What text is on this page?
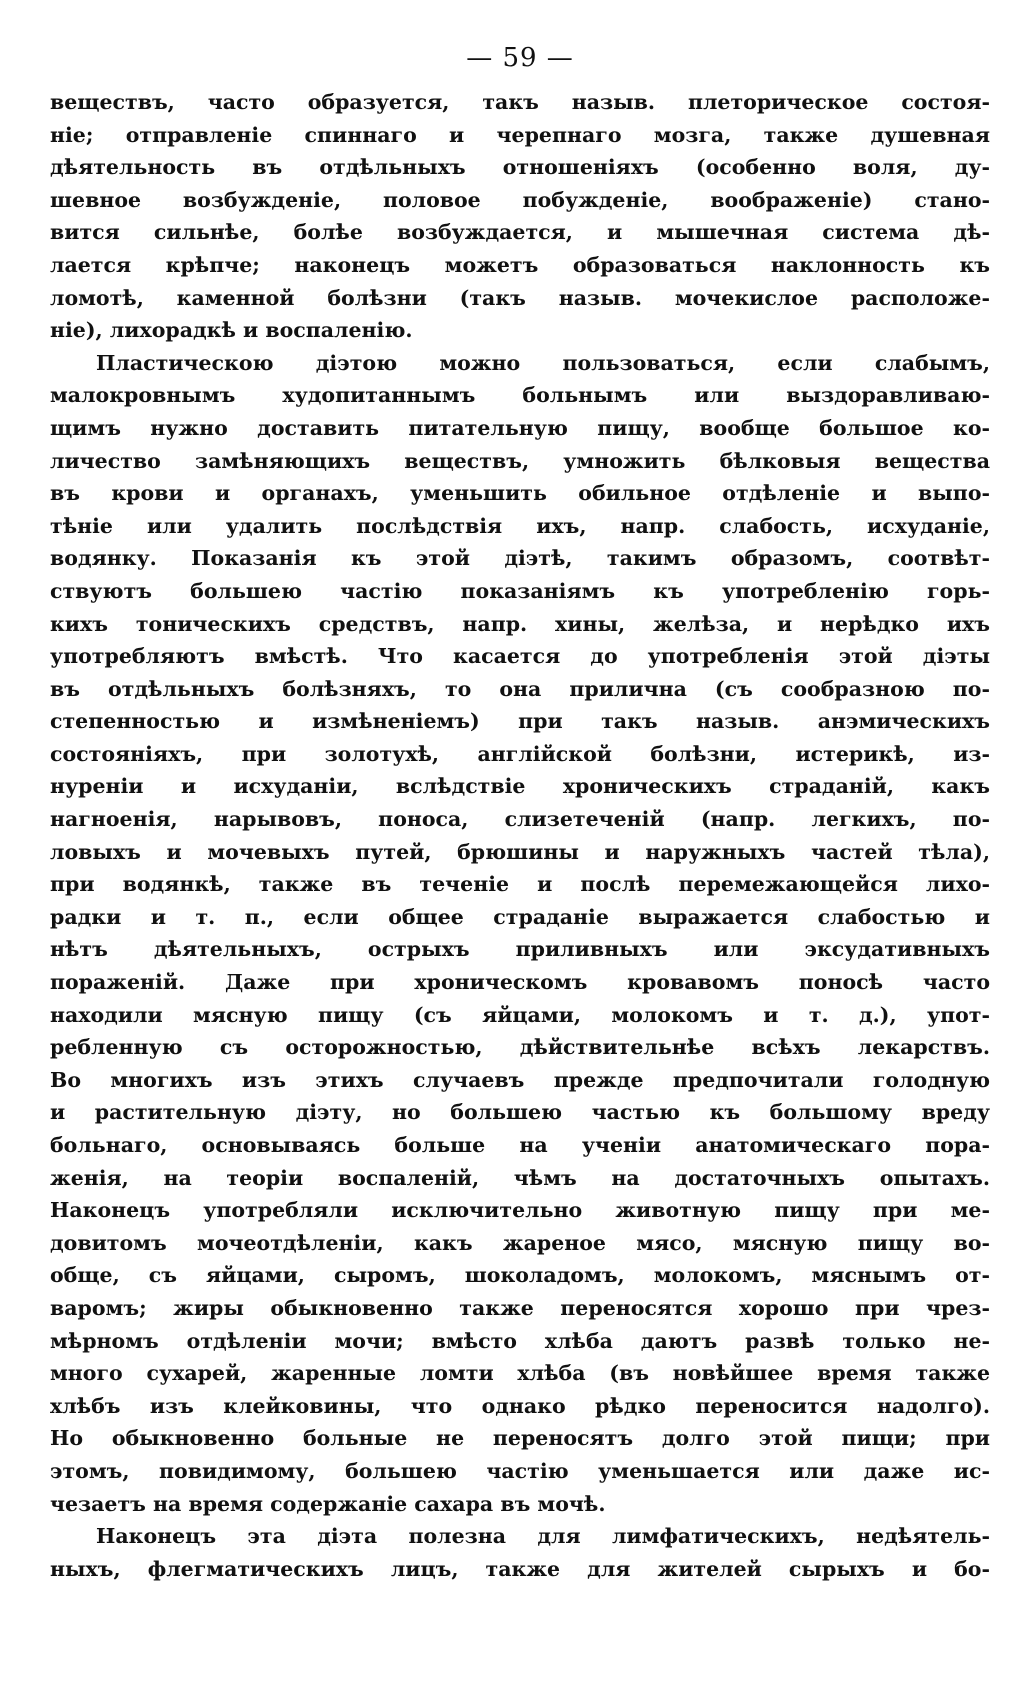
— 59 —
веществъ, часто образуется, такъ назыв. плеторическое состоя-
ніе; отправленіе спиннаго и черепнаго мозга, также душевная
дѣятельность въ отдѣльныхъ отношеніяхъ (особенно воля, ду-
шевное возбужденіе, половое побужденіе, воображеніе) стано-
вится сильнѣе, болѣе возбуждается, и мышечная система дѣ-
лается крѣпче; наконецъ можетъ образоваться наклонность къ
ломотѣ, каменной болѣзни (такъ назыв. мочекислое расположе-
ніе), лихорадкѣ и воспаленію.
Пластическою діэтою можно пользоваться, если слабымъ,
малокровнымъ худопитаннымъ больнымъ или выздоравливаю-
щимъ нужно доставить питательную пищу, вообще большое ко-
личество замѣняющихъ веществъ, умножить бѣлковыя вещества
въ крови и органахъ, уменьшить обильное отдѣленіе и выпо-
тѣніе или удалить послѣдствія ихъ, напр. слабость, исхуданіе,
водянку. Показанія къ этой діэтѣ, такимъ образомъ, соотвѣт-
ствуютъ большею частію показаніямъ къ употребленію горь-
кихъ тоническихъ средствъ, напр. хины, желѣза, и нерѣдко ихъ
употребляютъ вмѣстѣ. Что касается до употребленія этой діэты
въ отдѣльныхъ болѣзняхъ, то она прилична (съ сообразною по-
степенностью и измѣненіемъ) при такъ назыв. анэмическихъ
состояніяхъ, при золотухѣ, англійской болѣзни, истерикѣ, из-
нуреніи и исхуданіи, вслѣдствіе хроническихъ страданій, какъ
нагноенія, нарывовъ, поноса, слизетеченій (напр. легкихъ, по-
ловыхъ и мочевыхъ путей, брюшины и наружныхъ частей тѣла),
при водянкѣ, также въ теченіе и послѣ перемежающейся лихо-
радки и т. п., если общее страданіе выражается слабостью и
нѣтъ дѣятельныхъ, острыхъ приливныхъ или эксудативныхъ
пораженій. Даже при хроническомъ кровавомъ поносѣ часто
находили мясную пищу (съ яйцами, молокомъ и т. д.), упот-
ребленную съ осторожностью, дѣйствительнѣе всѣхъ лекарствъ.
Во многихъ изъ этихъ случаевъ прежде предпочитали голодную
и растительную діэту, но большею частью къ большому вреду
больнаго, основываясь больше на ученіи анатомическаго пора-
женія, на теоріи воспаленій, чѣмъ на достаточныхъ опытахъ.
Наконецъ употребляли исключительно животную пищу при ме-
довитомъ мочеотдѣленіи, какъ жареное мясо, мясную пищу во-
обще, съ яйцами, сыромъ, шоколадомъ, молокомъ, мяснымъ от-
варомъ; жиры обыкновенно также переносятся хорошо при чрез-
мѣрномъ отдѣленіи мочи; вмѣсто хлѣба даютъ развѣ только не-
много сухарей, жаренные ломти хлѣба (въ новѣйшее время также
хлѣбъ изъ клейковины, что однако рѣдко переносится надолго).
Но обыкновенно больные не переносятъ долго этой пищи; при
этомъ, повидимому, большею частію уменьшается или даже ис-
чезаетъ на время содержаніе сахара въ мочѣ.
Наконецъ эта діэта полезна для лимфатическихъ, недѣятель-
ныхъ, флегматическихъ лицъ, также для жителей сырыхъ и бо-
